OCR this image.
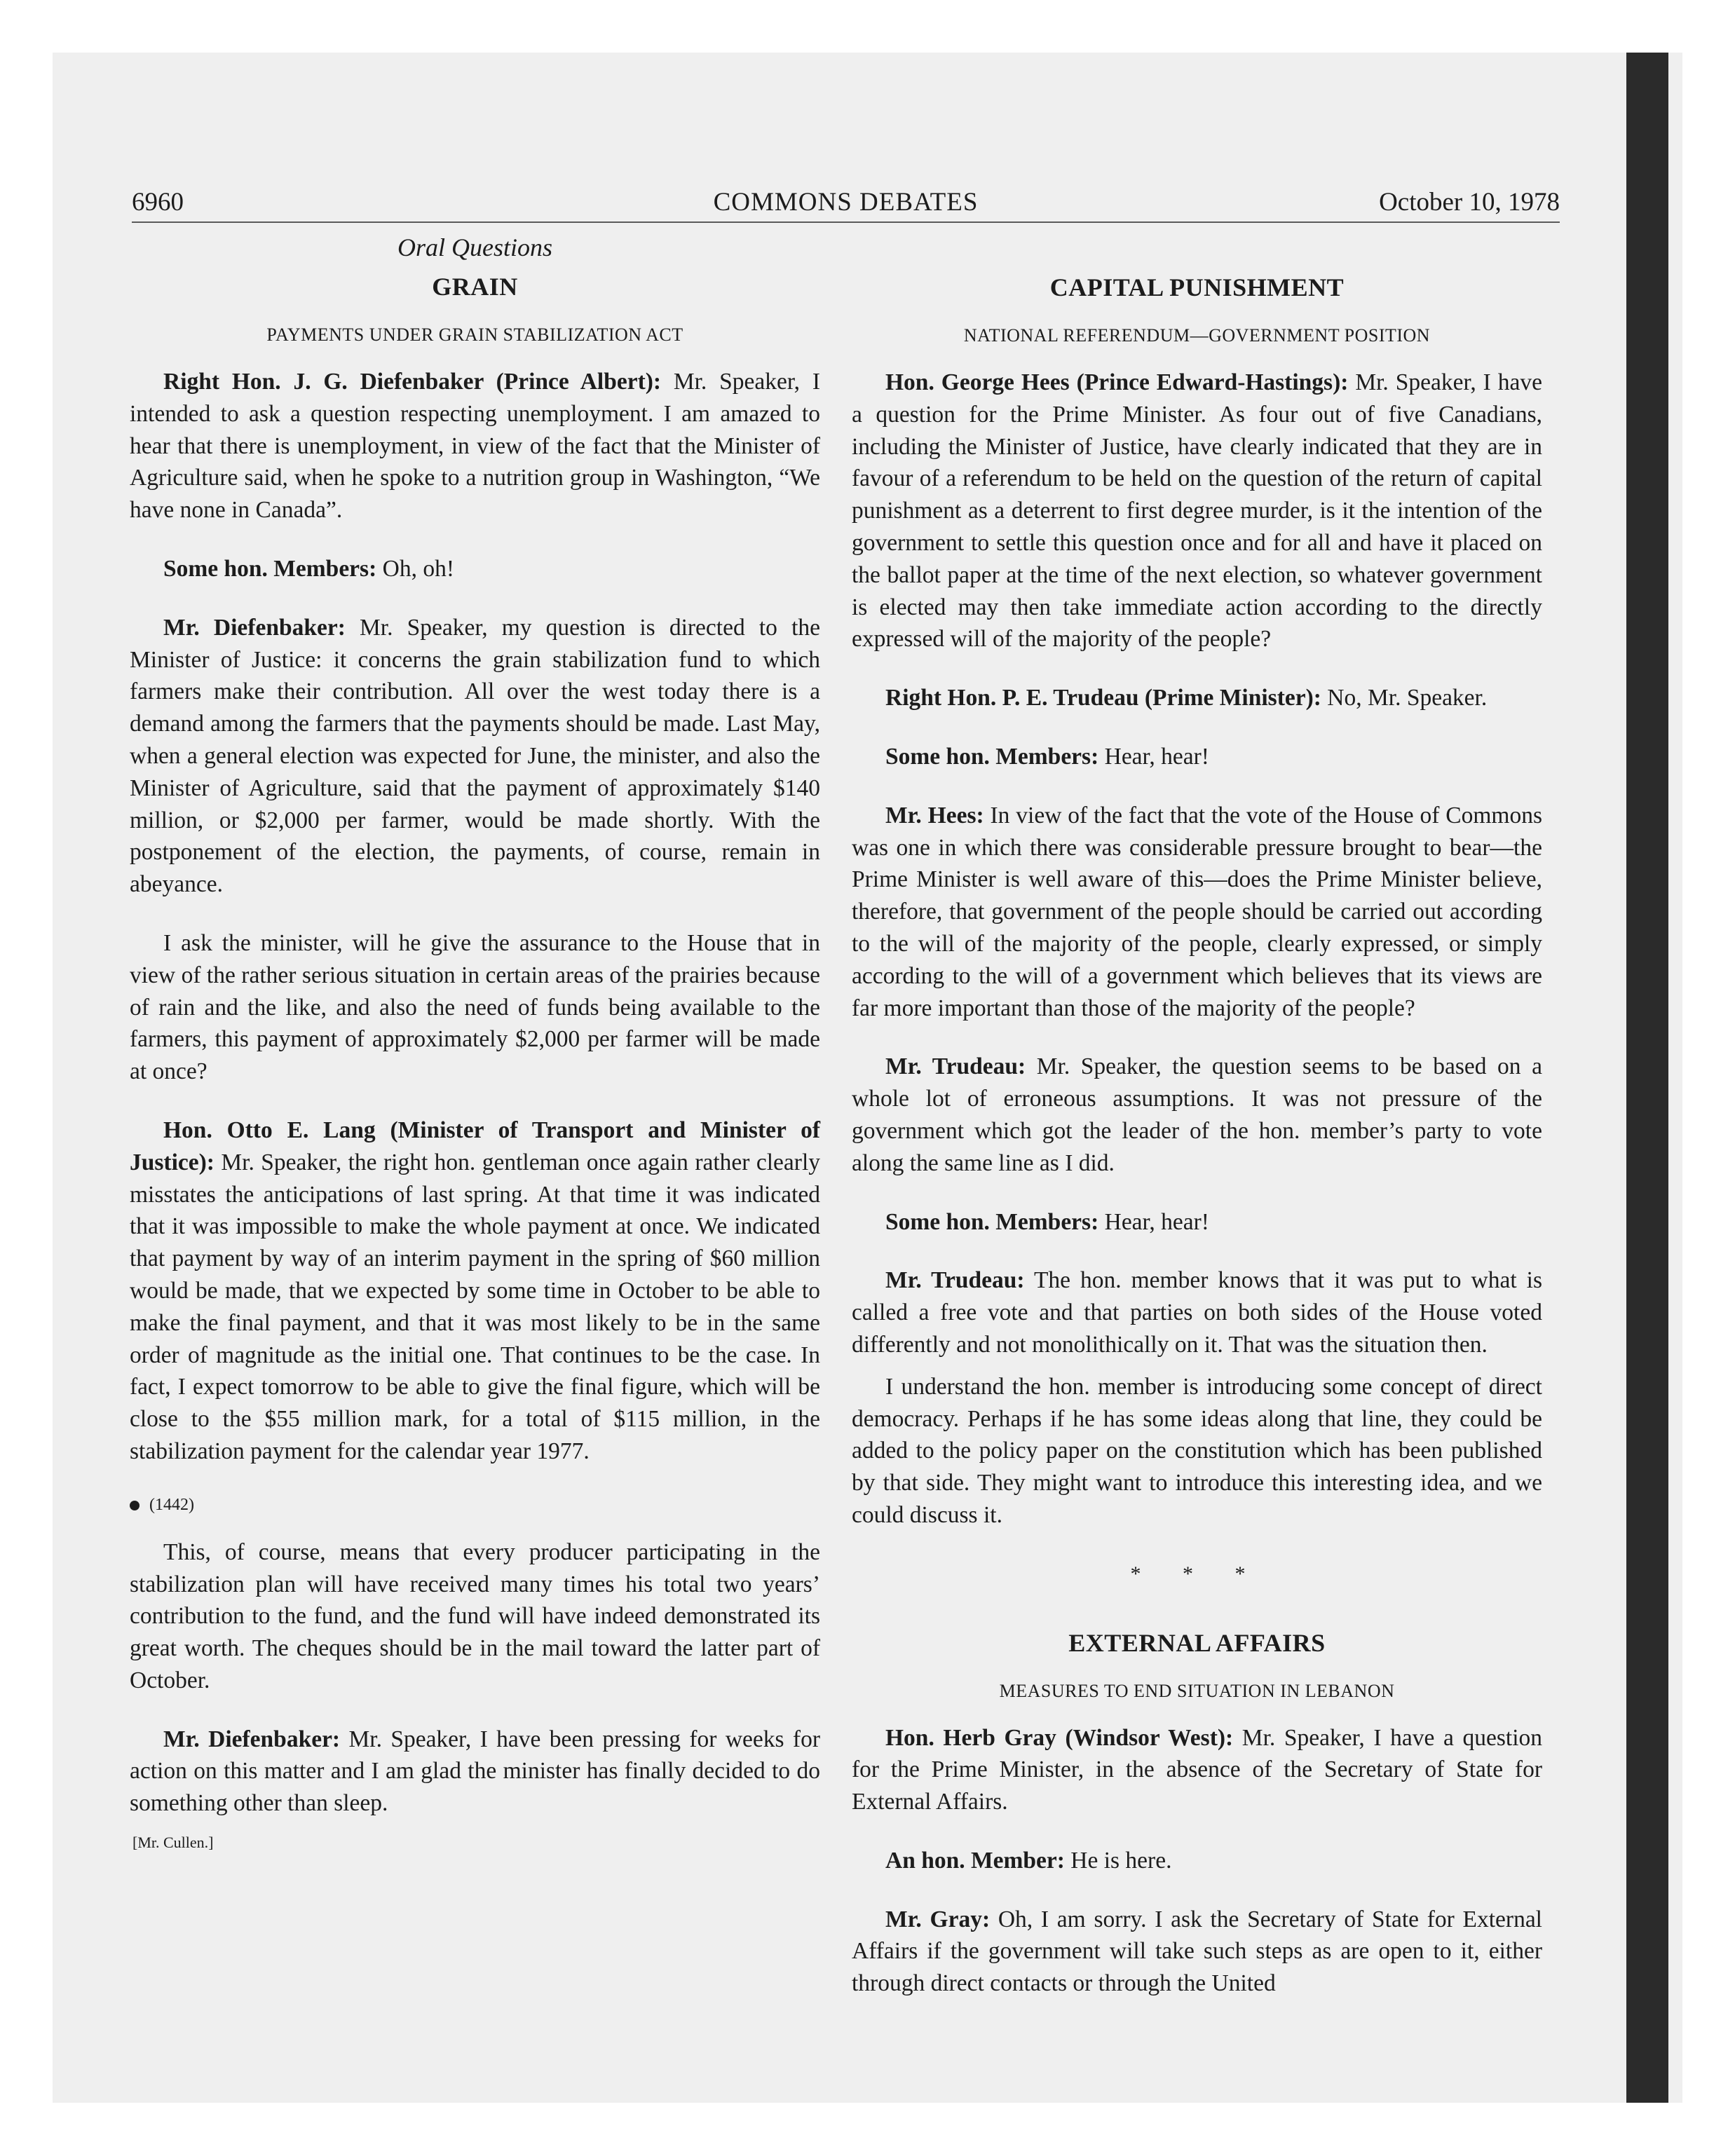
6960	COMMONS DEBATES	October 10, 1978
Oral Questions
GRAIN
PAYMENTS UNDER GRAIN STABILIZATION ACT

Right Hon. J. G. Diefenbaker (Prince Albert): Mr. Speaker, I intended to ask a question respecting unemployment. I am amazed to hear that there is unemployment, in view of the fact that the Minister of Agriculture said, when he spoke to a nutrition group in Washington, “We have none in Canada”.

Some hon. Members: Oh, oh!

Mr. Diefenbaker: Mr. Speaker, my question is directed to the Minister of Justice: it concerns the grain stabilization fund to which farmers make their contribution. All over the west today there is a demand among the farmers that the payments should be made. Last May, when a general election was expected for June, the minister, and also the Minister of Agriculture, said that the payment of approximately $140 million, or $2,000 per farmer, would be made shortly. With the postponement of the election, the payments, of course, remain in abeyance.

I ask the minister, will he give the assurance to the House that in view of the rather serious situation in certain areas of the prairies because of rain and the like, and also the need of funds being available to the farmers, this payment of approximately $2,000 per farmer will be made at once?

Hon. Otto E. Lang (Minister of Transport and Minister of Justice): Mr. Speaker, the right hon. gentleman once again rather clearly misstates the anticipations of last spring. At that time it was indicated that it was impossible to make the whole payment at once. We indicated that payment by way of an interim payment in the spring of $60 million would be made, that we expected by some time in October to be able to make the final payment, and that it was most likely to be in the same order of magnitude as the initial one. That continues to be the case. In fact, I expect tomorrow to be able to give the final figure, which will be close to the $55 million mark, for a total of $115 million, in the stabilization payment for the calendar year 1977.

(1442)

This, of course, means that every producer participating in the stabilization plan will have received many times his total two years’ contribution to the fund, and the fund will have indeed demonstrated its great worth. The cheques should be in the mail toward the latter part of October.

Mr. Diefenbaker: Mr. Speaker, I have been pressing for weeks for action on this matter and I am glad the minister has finally decided to do something other than sleep.

[Mr. Cullen.]
CAPITAL PUNISHMENT
NATIONAL REFERENDUM—GOVERNMENT POSITION

Hon. George Hees (Prince Edward-Hastings): Mr. Speaker, I have a question for the Prime Minister. As four out of five Canadians, including the Minister of Justice, have clearly indicated that they are in favour of a referendum to be held on the question of the return of capital punishment as a deterrent to first degree murder, is it the intention of the government to settle this question once and for all and have it placed on the ballot paper at the time of the next election, so whatever government is elected may then take immediate action according to the directly expressed will of the majority of the people?

Right Hon. P. E. Trudeau (Prime Minister): No, Mr. Speaker.

Some hon. Members: Hear, hear!

Mr. Hees: In view of the fact that the vote of the House of Commons was one in which there was considerable pressure brought to bear—the Prime Minister is well aware of this—does the Prime Minister believe, therefore, that government of the people should be carried out according to the will of the majority of the people, clearly expressed, or simply according to the will of a government which believes that its views are far more important than those of the majority of the people?

Mr. Trudeau: Mr. Speaker, the question seems to be based on a whole lot of erroneous assumptions. It was not pressure of the government which got the leader of the hon. member’s party to vote along the same line as I did.

Some hon. Members: Hear, hear!

Mr. Trudeau: The hon. member knows that it was put to what is called a free vote and that parties on both sides of the House voted differently and not monolithically on it. That was the situation then.

I understand the hon. member is introducing some concept of direct democracy. Perhaps if he has some ideas along that line, they could be added to the policy paper on the constitution which has been published by that side. They might want to introduce this interesting idea, and we could discuss it.

* * *
EXTERNAL AFFAIRS
MEASURES TO END SITUATION IN LEBANON

Hon. Herb Gray (Windsor West): Mr. Speaker, I have a question for the Prime Minister, in the absence of the Secretary of State for External Affairs.

An hon. Member: He is here.

Mr. Gray: Oh, I am sorry. I ask the Secretary of State for External Affairs if the government will take such steps as are open to it, either through direct contacts or through the United
